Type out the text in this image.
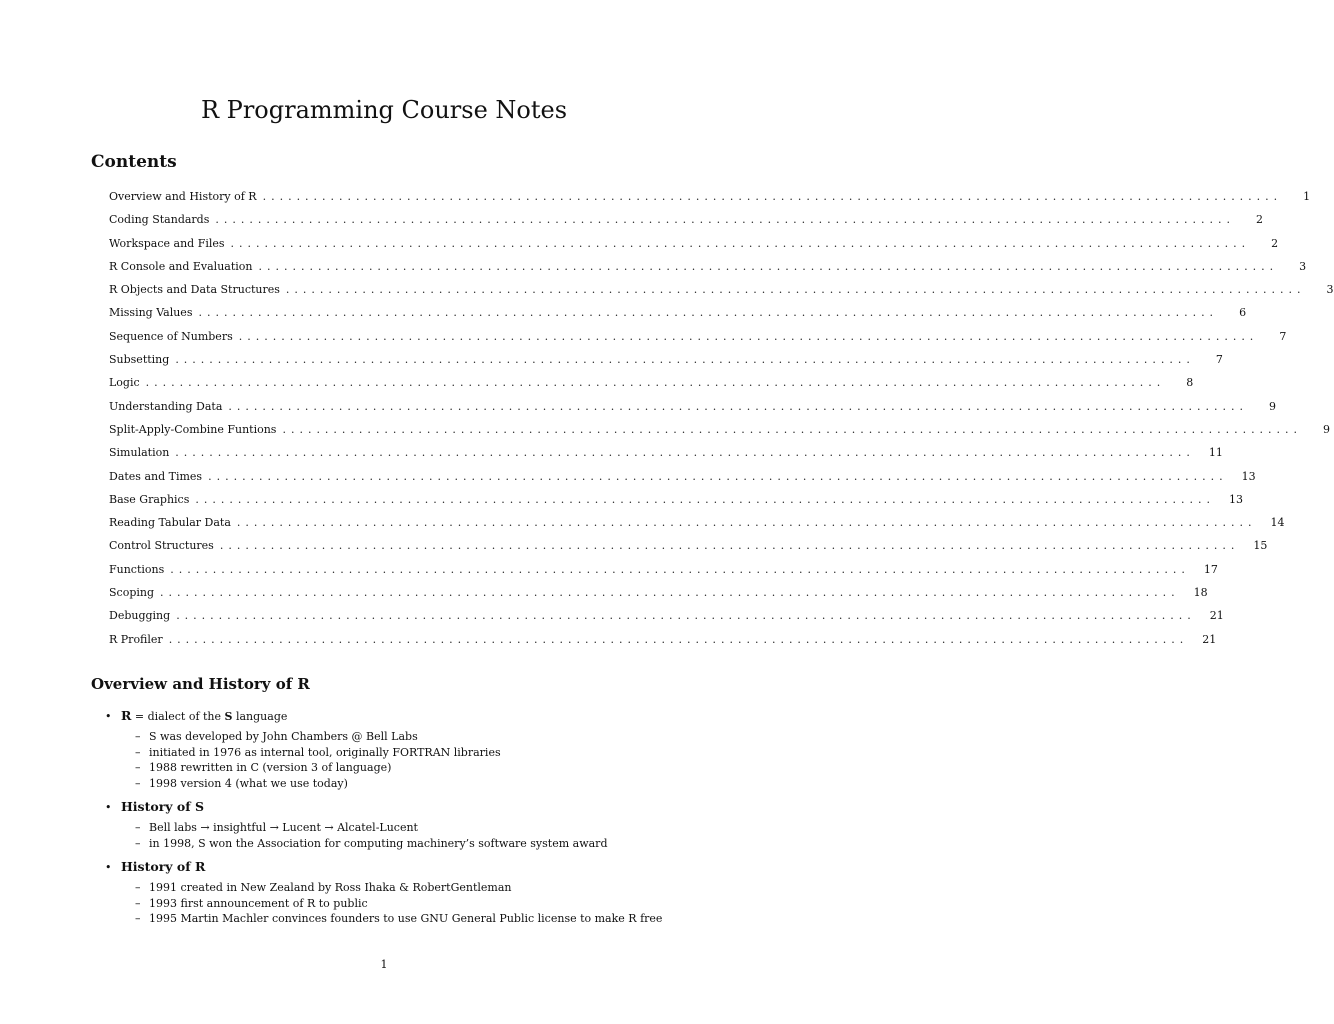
R Programming Course Notes
Contents
Overview and History of R ........................................................................................................................	1
Coding Standards ........................................................................................................................	2
Workspace and Files ........................................................................................................................	2
R Console and Evaluation ........................................................................................................................	3
R Objects and Data Structures ........................................................................................................................	3
Missing Values ........................................................................................................................	6
Sequence of Numbers ........................................................................................................................	7
Subsetting ........................................................................................................................	7
Logic ........................................................................................................................	8
Understanding Data ........................................................................................................................	9
Split-Apply-Combine Funtions ........................................................................................................................	9
Simulation ........................................................................................................................	11
Dates and Times ........................................................................................................................	13
Base Graphics ........................................................................................................................	13
Reading Tabular Data ........................................................................................................................	14
Control Structures ........................................................................................................................	15
Functions ........................................................................................................................	17
Scoping ........................................................................................................................	18
Debugging ........................................................................................................................	21
R Profiler ........................................................................................................................	21
Overview and History of R
• R = dialect of the S language
– S was developed by John Chambers @ Bell Labs
– initiated in 1976 as internal tool, originally FORTRAN libraries
– 1988 rewritten in C (version 3 of language)
– 1998 version 4 (what we use today)
• History of S
– Bell labs → insightful → Lucent → Alcatel-Lucent
– in 1998, S won the Association for computing machinery’s software system award
• History of R
– 1991 created in New Zealand by Ross Ihaka & RobertGentleman
– 1993 first announcement of R to public
– 1995 Martin Machler convinces founders to use GNU General Public license to make R free
1
